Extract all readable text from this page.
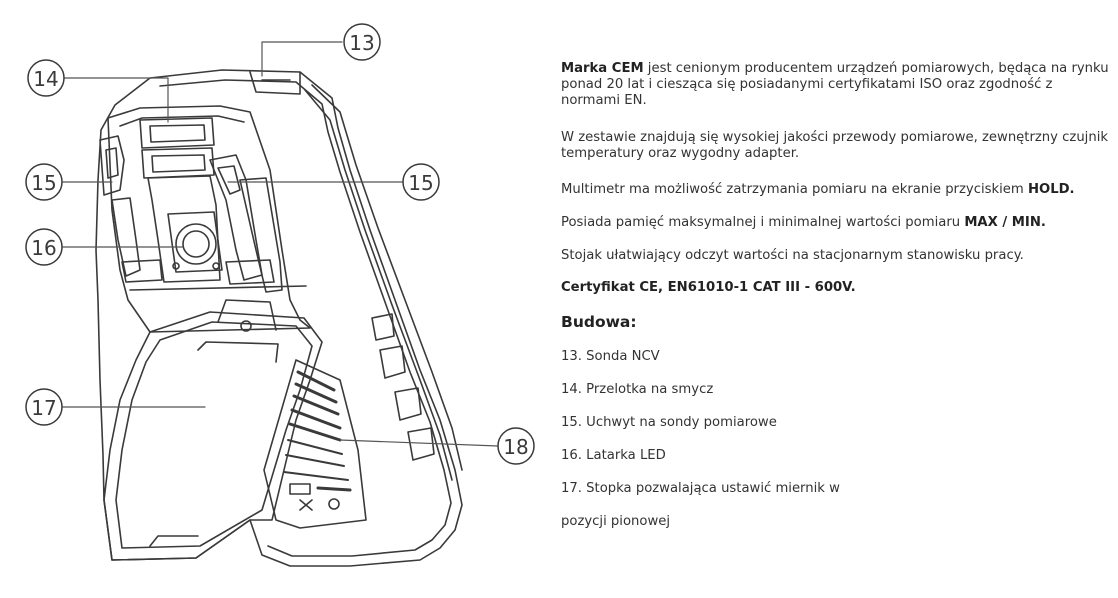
13
14
15	15
16
17
18

Marka CEM jest cenionym producentem urządzeń pomiarowych, będąca na rynku ponad 20 lat i ciesząca się posiadanymi certyfikatami ISO oraz zgodność z normami EN.

W zestawie znajdują się wysokiej jakości przewody pomiarowe, zewnętrzny czujnik temperatury oraz wygodny adapter.

Multimetr ma możliwość zatrzymania pomiaru na ekranie przyciskiem HOLD.

Posiada pamięć maksymalnej i minimalnej wartości pomiaru MAX / MIN.

Stojak ułatwiający odczyt wartości na stacjonarnym stanowisku pracy.

Certyfikat CE, EN61010-1 CAT III - 600V.

Budowa:

13. Sonda NCV

14. Przelotka na smycz

15. Uchwyt na sondy pomiarowe

16. Latarka LED

17. Stopka pozwalająca ustawić miernik w

pozycji pionowej
